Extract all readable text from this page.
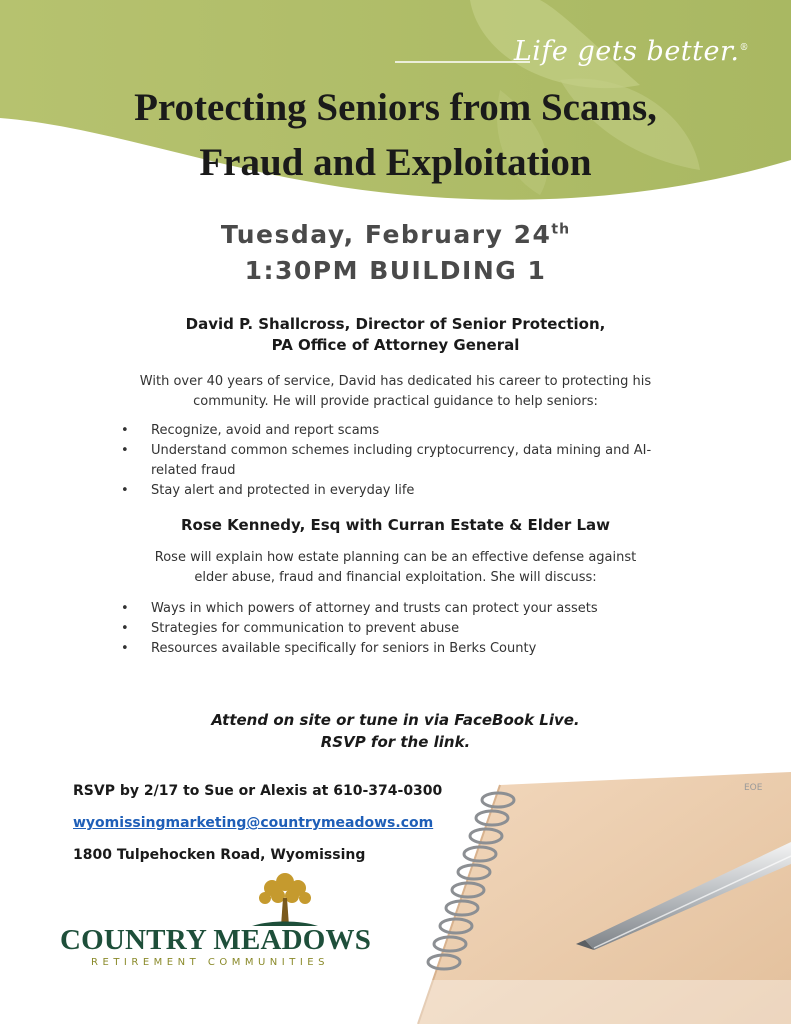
Life gets better.®
Protecting Seniors from Scams,
Fraud and Exploitation
Tuesday, February 24th
1:30PM BUILDING 1
David P. Shallcross, Director of Senior Protection,
PA Office of Attorney General
With over 40 years of service, David has dedicated his career to protecting his
community. He will provide practical guidance to help seniors:
• Recognize, avoid and report scams
• Understand common schemes including cryptocurrency, data mining and AI-related fraud
• Stay alert and protected in everyday life
Rose Kennedy, Esq with Curran Estate & Elder Law
Rose will explain how estate planning can be an effective defense against
elder abuse, fraud and financial exploitation. She will discuss:
• Ways in which powers of attorney and trusts can protect your assets
• Strategies for communication to prevent abuse
• Resources available specifically for seniors in Berks County
Attend on site or tune in via FaceBook Live.
RSVP for the link.
EOE
RSVP by 2/17 to Sue or Alexis at 610-374-0300
wyomissingmarketing@countrymeadows.com
1800 Tulpehocken Road, Wyomissing
COUNTRY MEADOWS
RETIREMENT COMMUNITIES
